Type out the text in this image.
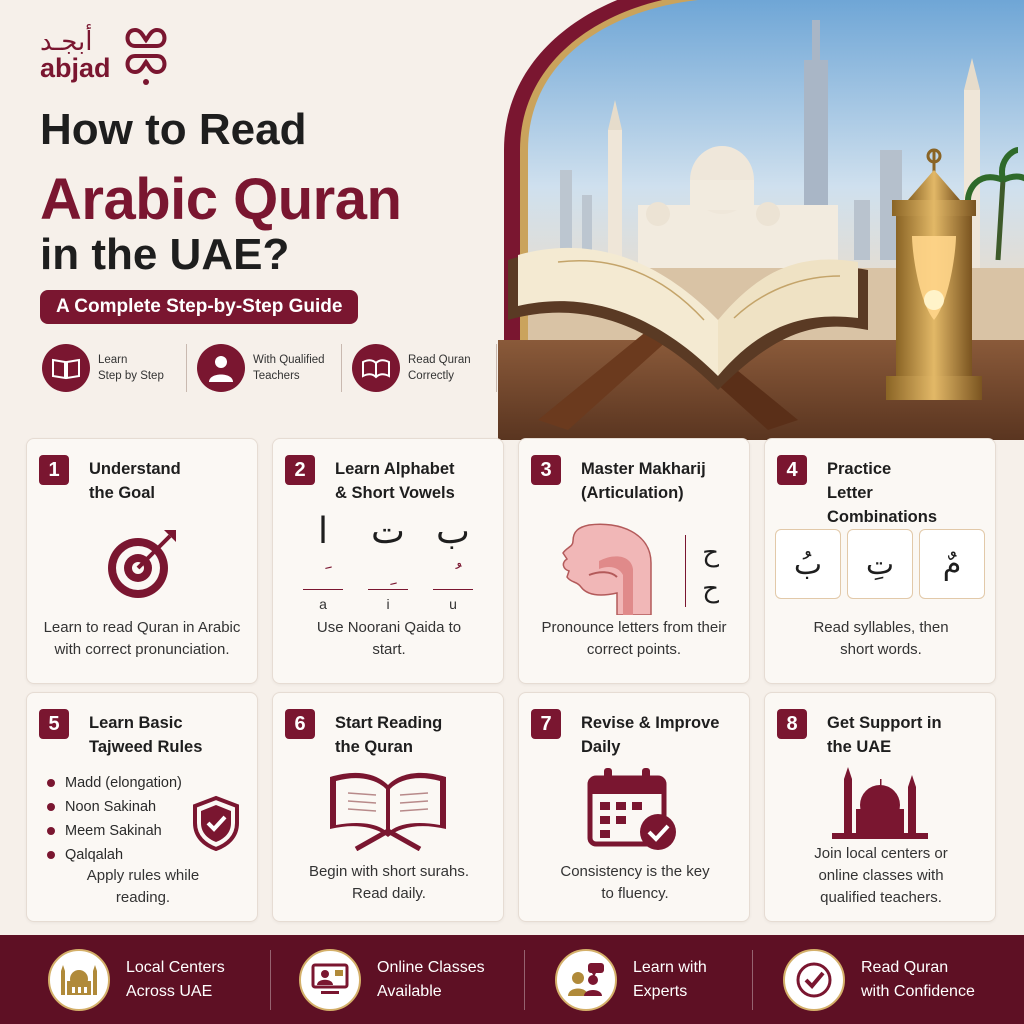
أبجـد
abjad
How to Read
Arabic Quran
in the UAE?
A Complete Step-by-Step Guide
Learn
Step by Step
With Qualified
Teachers
Read Quran
Correctly
1	Understand
the Goal
Learn to read Quran in Arabic with correct pronunciation.
2	Learn Alphabet
& Short Vowels
ا
a
ت
i
ب
u
Use Noorani Qaida to start.
3	Master Makharij
(Articulation)
ح
ح
Pronounce letters from their correct points.
4	Practice
Letter Combinations
بُ	تِ	مٌ
Read syllables, then short words.
5	Learn Basic
Tajweed Rules
Madd (elongation)
Noon Sakinah
Meem Sakinah
Qalqalah
Apply rules while reading.
6	Start Reading
the Quran
Begin with short surahs. Read daily.
7	Revise & Improve
Daily
Consistency is the key to fluency.
8	Get Support in
the UAE
Join local centers or online classes with qualified teachers.
Local Centers
Across UAE
Online Classes
Available
Learn with
Experts
Read Quran
with Confidence
